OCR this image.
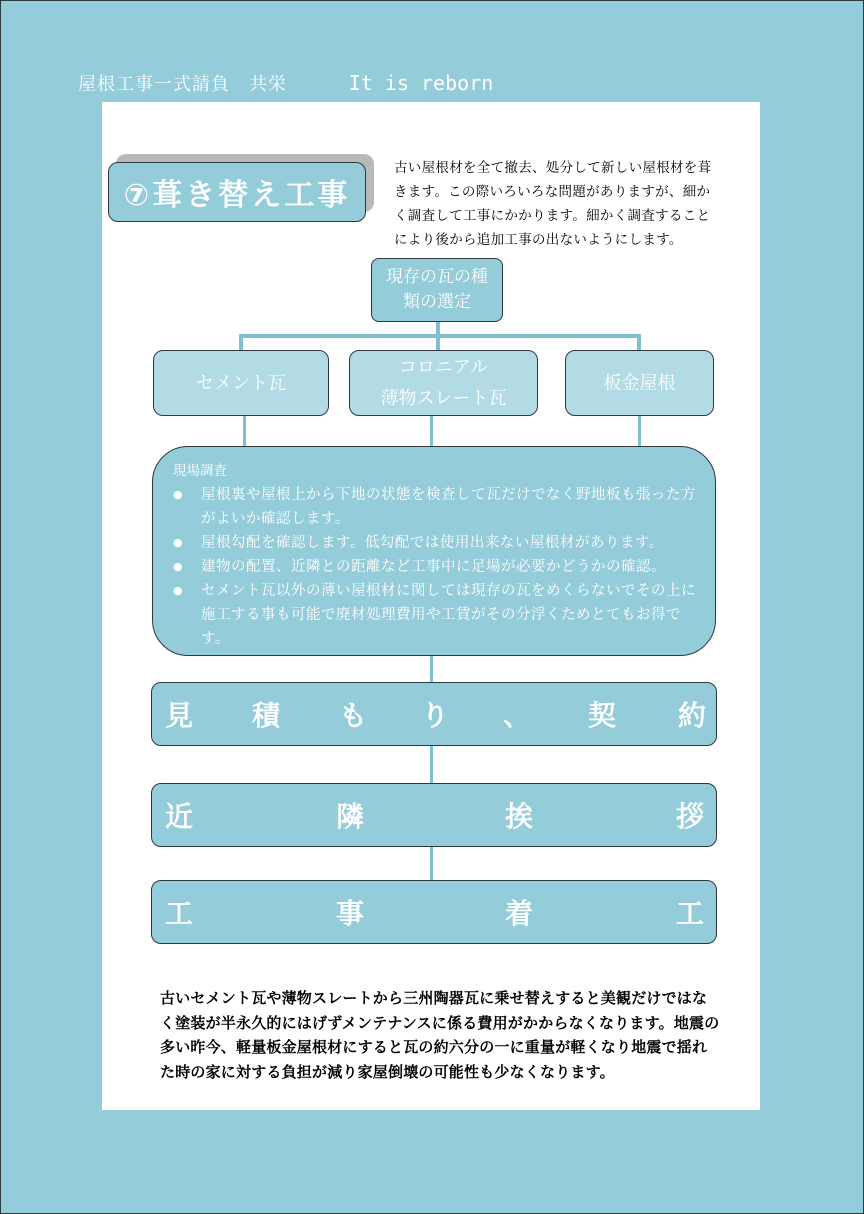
屋根工事一式請負　共栄	It is reborn
⑦葺き替え工事
古い屋根材を全て撤去、処分して新しい屋根材を葺きます。この際いろいろな問題がありますが、細かく調査して工事にかかります。細かく調査することにより後から追加工事の出ないようにします。
現存の瓦の種
類の選定
セメント瓦
コロニアル
薄物スレート瓦
板金屋根
現場調査
● 屋根裏や屋根上から下地の状態を検査して瓦だけでなく野地板も張った方がよいか確認します。
● 屋根勾配を確認します。低勾配では使用出来ない屋根材があります。
● 建物の配置、近隣との距離など工事中に足場が必要かどうかの確認。
● セメント瓦以外の薄い屋根材に関しては現存の瓦をめくらないでその上に施工する事も可能で廃材処理費用や工賃がその分浮くためとてもお得です。
見 積 も り 、 契 約
近	隣	挨	拶
工	事	着	工
古いセメント瓦や薄物スレートから三州陶器瓦に乗せ替えすると美観だけではなく塗装が半永久的にはげずメンテナンスに係る費用がかからなくなります。地震の多い昨今、軽量板金屋根材にすると瓦の約六分の一に重量が軽くなり地震で揺れた時の家に対する負担が減り家屋倒壊の可能性も少なくなります。
